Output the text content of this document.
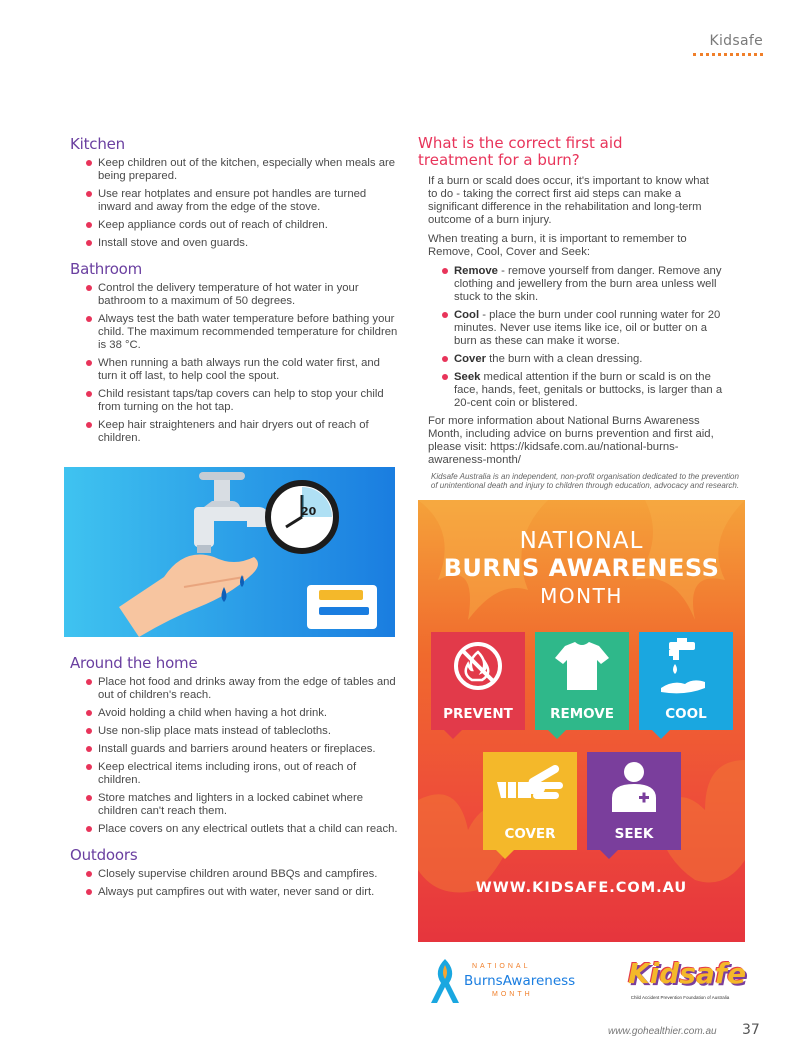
Kidsafe
Kitchen
Keep children out of the kitchen, especially when meals are being prepared.
Use rear hotplates and ensure pot handles are turned inward and away from the edge of the stove.
Keep appliance cords out of reach of children.
Install stove and oven guards.
Bathroom
Control the delivery temperature of hot water in your bathroom to a maximum of 50 degrees.
Always test the bath water temperature before bathing your child. The maximum recommended temperature for children is 38 °C.
When running a bath always run the cold water first, and turn it off last, to help cool the spout.
Child resistant taps/tap covers can help to stop your child from turning on the hot tap.
Keep hair straighteners and hair dryers out of reach of children.
20
Around the home
Place hot food and drinks away from the edge of tables and out of children's reach.
Avoid holding a child when having a hot drink.
Use non-slip place mats instead of tablecloths.
Install guards and barriers around heaters or fireplaces.
Keep electrical items including irons, out of reach of children.
Store matches and lighters in a locked cabinet where children can't reach them.
Place covers on any electrical outlets that a child can reach.
Outdoors
Closely supervise children around BBQs and campfires.
Always put campfires out with water, never sand or dirt.
What is the correct first aid treatment for a burn?

If a burn or scald does occur, it's important to know what to do - taking the correct first aid steps can make a significant difference in the rehabilitation and long-term outcome of a burn injury.

When treating a burn, it is important to remember to Remove, Cool, Cover and Seek:

Remove - remove yourself from danger. Remove any clothing and jewellery from the burn area unless well stuck to the skin.
Cool - place the burn under cool running water for 20 minutes. Never use items like ice, oil or butter on a burn as these can make it worse.
Cover the burn with a clean dressing.
Seek medical attention if the burn or scald is on the face, hands, feet, genitals or buttocks, is larger than a 20-cent coin or blistered.

For more information about National Burns Awareness Month, including advice on burns prevention and first aid, please visit: https://kidsafe.com.au/national-burns-awareness-month/

Kidsafe Australia is an independent, non-profit organisation dedicated to the prevention of unintentional death and injury to children through education, advocacy and research.
NATIONAL
BURNS AWARENESS
MONTH
PREVENT	REMOVE	COOL
COVER	SEEK
WWW.KIDSAFE.COM.AU
NATIONAL
BurnsAwareness
MONTH
Kidsafe
Child Accident Prevention Foundation of Australia
www.gohealthier.com.au 37
